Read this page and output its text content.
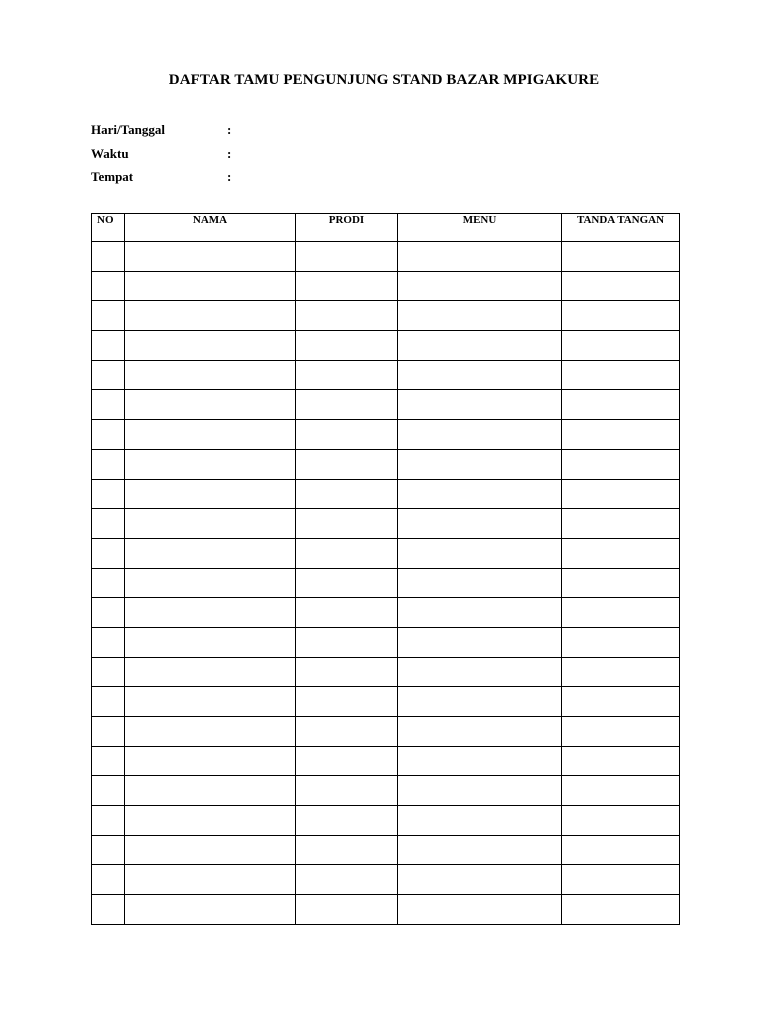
DAFTAR TAMU PENGUNJUNG STAND BAZAR MPIGAKURE
Hari/Tanggal	:
Waktu	:
Tempat	:
NO	NAMA	PRODI	MENU	TANDA TANGAN
